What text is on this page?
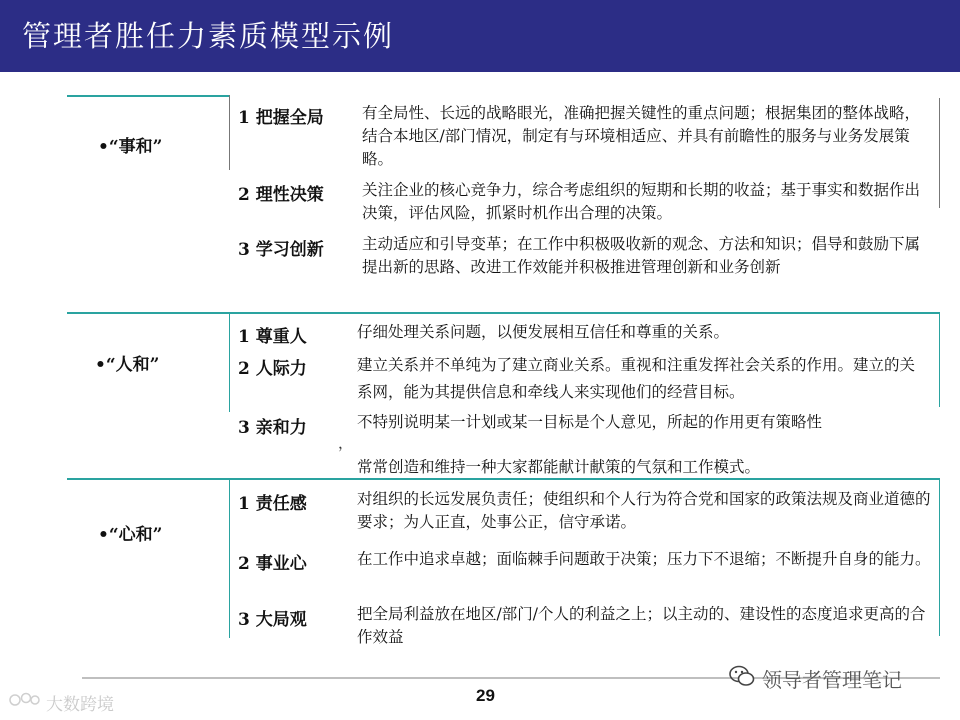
管理者胜任力素质模型示例
•“事和”
1 把握全局 有全局性、长远的战略眼光，准确把握关键性的重点问题；根据集团的整体战略，结合本地区/部门情况，制定有与环境相适应、并具有前瞻性的服务与业务发展策略。
2 理性决策 关注企业的核心竞争力，综合考虑组织的短期和长期的收益；基于事实和数据作出决策，评估风险，抓紧时机作出合理的决策。
3 学习创新 主动适应和引导变革；在工作中积极吸收新的观念、方法和知识；倡导和鼓励下属提出新的思路、改进工作效能并积极推进管理创新和业务创新
•“人和”
1 尊重人	仔细处理关系问题，以便发展相互信任和尊重的关系。
2 人际力	建立关系并不单纯为了建立商业关系。重视和注重发挥社会关系的作用。建立的关系网，能为其提供信息和牵线人来实现他们的经营目标。
3 亲和力	不特别说明某一计划或某一目标是个人意见，所起的作用更有策略性
，
常常创造和维持一种大家都能献计献策的气氛和工作模式。
•“心和”
1 责任感	对组织的长远发展负责任；使组织和个人行为符合党和国家的政策法规及商业道德的要求；为人正直，处事公正，信守承诺。
2 事业心	在工作中追求卓越；面临棘手问题敢于决策；压力下不退缩；不断提升自身的能力。
3 大局观	把全局利益放在地区/部门/个人的利益之上；以主动的、建设性的态度追求更高的合作效益
29
大数跨境
领导者管理笔记
